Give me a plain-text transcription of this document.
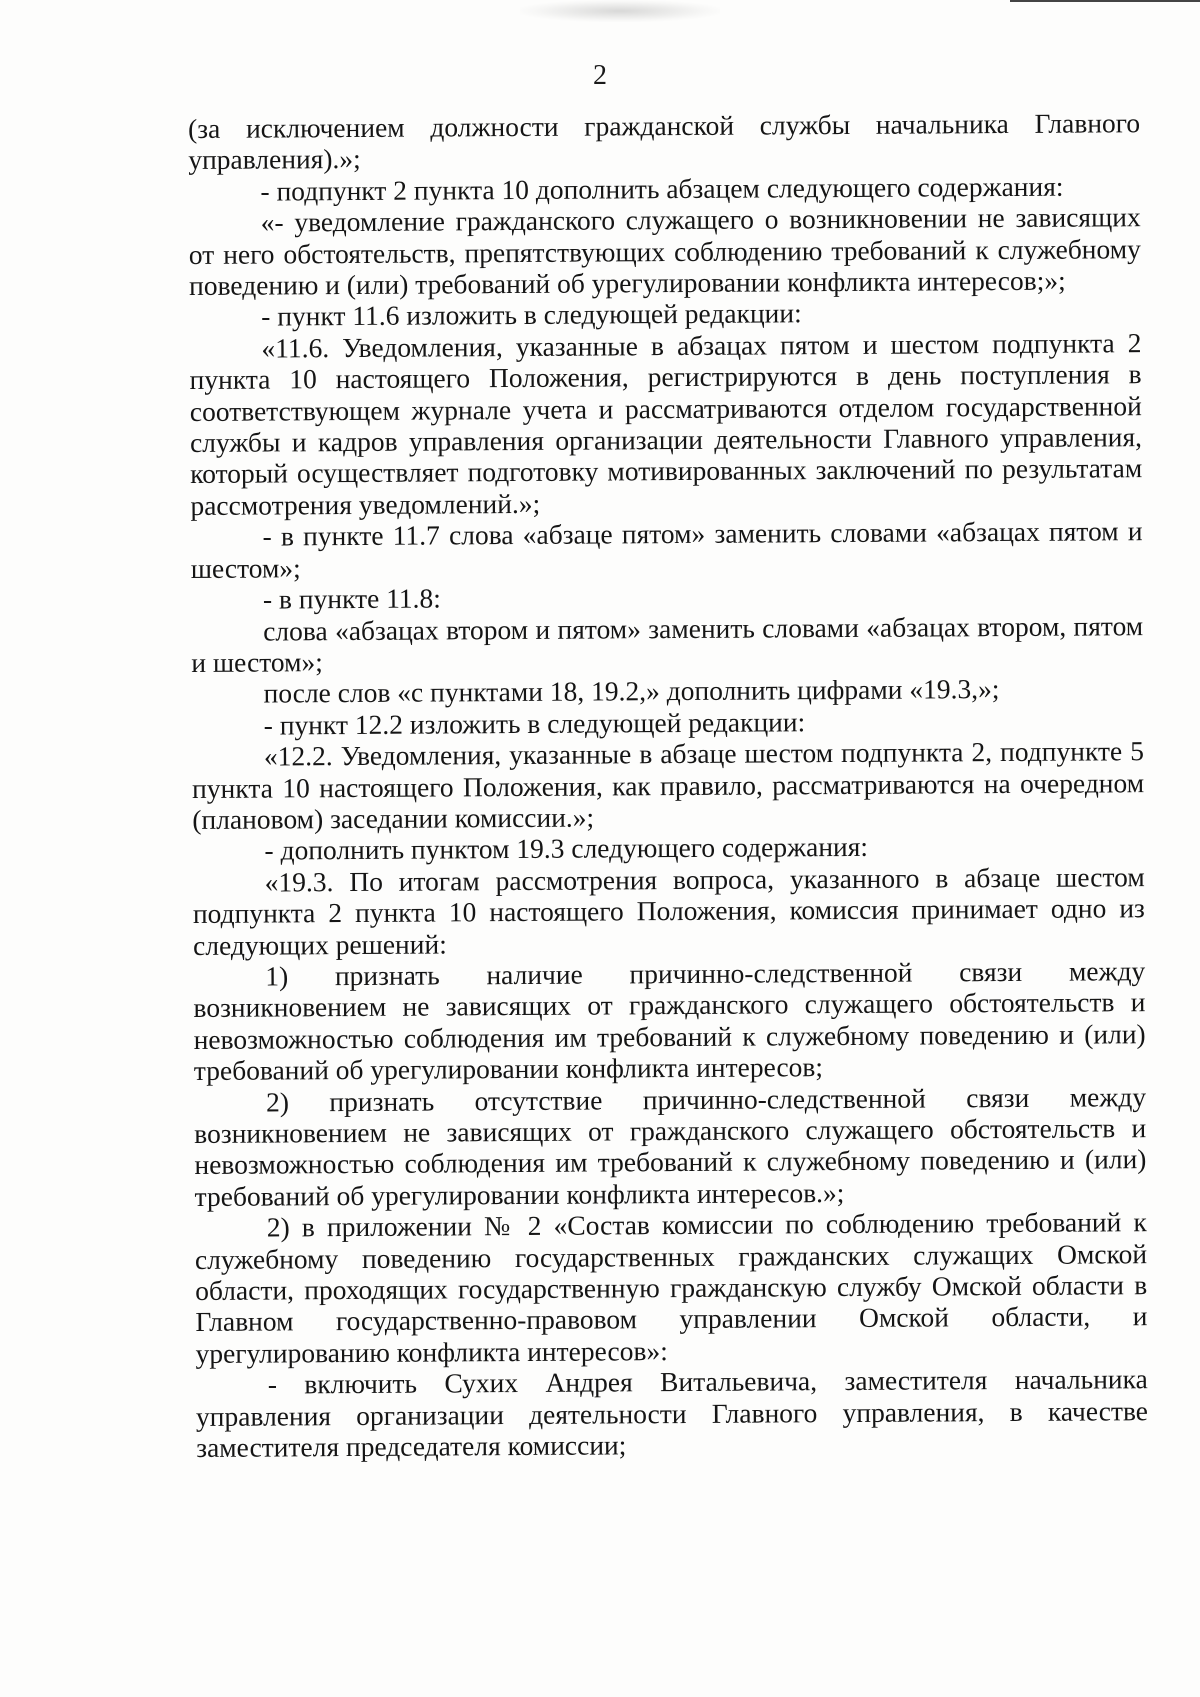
2

(за исключением должности гражданской службы начальника Главного управления).»;

- подпункт 2 пункта 10 дополнить абзацем следующего содержания:

«- уведомление гражданского служащего о возникновении не зависящих от него обстоятельств, препятствующих соблюдению требований к служебному поведению и (или) требований об урегулировании конфликта интересов;»;

- пункт 11.6 изложить в следующей редакции:

«11.6. Уведомления, указанные в абзацах пятом и шестом подпункта 2 пункта 10 настоящего Положения, регистрируются в день поступления в соответствующем журнале учета и рассматриваются отделом государственной службы и кадров управления организации деятельности Главного управления, который осуществляет подготовку мотивированных заключений по результатам рассмотрения уведомлений.»;

- в пункте 11.7 слова «абзаце пятом» заменить словами «абзацах пятом и шестом»;

- в пункте 11.8:

слова «абзацах втором и пятом» заменить словами «абзацах втором, пятом и шестом»;

после слов «с пунктами 18, 19.2,» дополнить цифрами «19.3,»;

- пункт 12.2 изложить в следующей редакции:

«12.2. Уведомления, указанные в абзаце шестом подпункта 2, подпункте 5 пункта 10 настоящего Положения, как правило, рассматриваются на очередном (плановом) заседании комиссии.»;

- дополнить пунктом 19.3 следующего содержания:

«19.3. По итогам рассмотрения вопроса, указанного в абзаце шестом подпункта 2 пункта 10 настоящего Положения, комиссия принимает одно из следующих решений:

1) признать наличие причинно-следственной связи между возникновением не зависящих от гражданского служащего обстоятельств и невозможностью соблюдения им требований к служебному поведению и (или) требований об урегулировании конфликта интересов;

2) признать отсутствие причинно-следственной связи между возникновением не зависящих от гражданского служащего обстоятельств и невозможностью соблюдения им требований к служебному поведению и (или) требований об урегулировании конфликта интересов.»;

2) в приложении № 2 «Состав комиссии по соблюдению требований к служебному поведению государственных гражданских служащих Омской области, проходящих государственную гражданскую службу Омской области в Главном государственно-правовом управлении Омской области, и урегулированию конфликта интересов»:

- включить Сухих Андрея Витальевича, заместителя начальника управления организации деятельности Главного управления, в качестве заместителя председателя комиссии;
